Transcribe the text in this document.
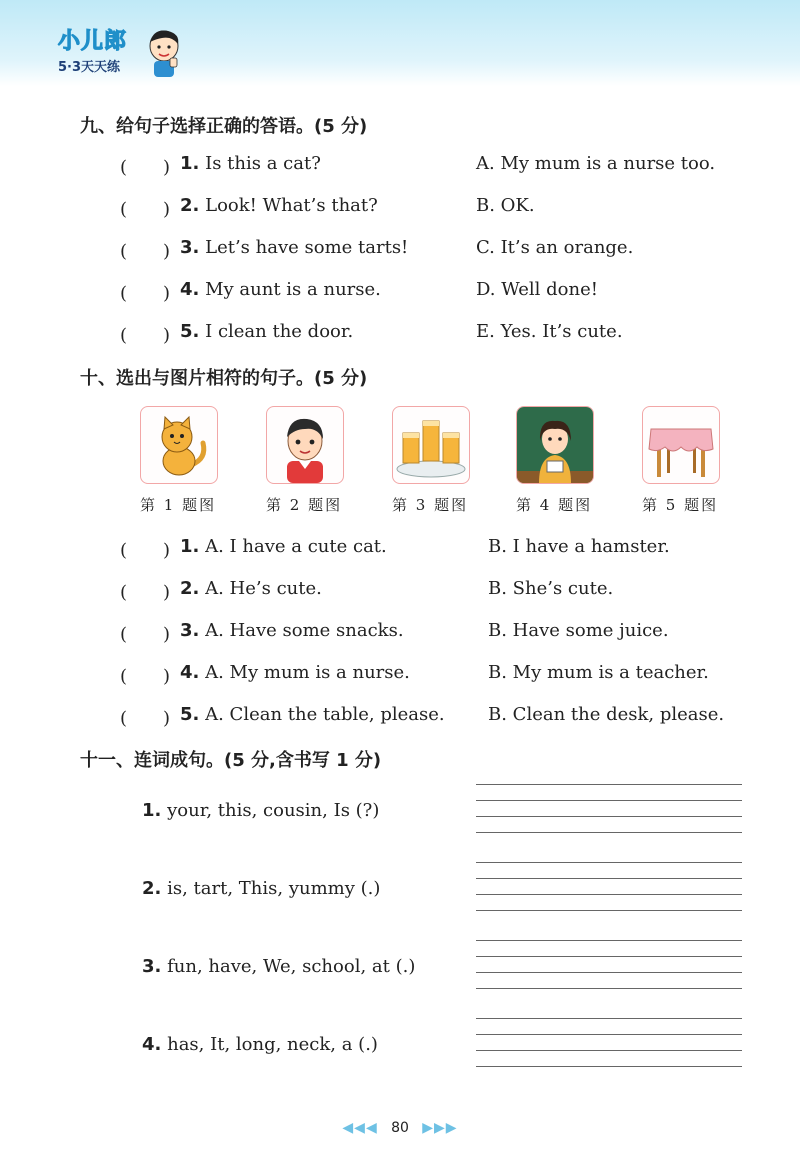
小儿郎
5·3天天练
九、给句子选择正确的答语。(5 分)
(　　) 1. Is this a cat?	A. My mum is a nurse too.
(　　) 2. Look! What’s that?	B. OK.
(　　) 3. Let’s have some tarts!	C. It’s an orange.
(　　) 4. My aunt is a nurse.	D. Well done!
(　　) 5. I clean the door.	E. Yes. It’s cute.
十、选出与图片相符的句子。(5 分)
第 1 题图	第 2 题图	第 3 题图	第 4 题图	第 5 题图
(　　) 1. A. I have a cute cat.	B. I have a hamster.
(　　) 2. A. He’s cute.	B. She’s cute.
(　　) 3. A. Have some snacks.	B. Have some juice.
(　　) 4. A. My mum is a nurse.	B. My mum is a teacher.
(　　) 5. A. Clean the table, please. B. Clean the desk, please.
十一、连词成句。(5 分,含书写 1 分)
1. your, this, cousin, Is (?)
2. is, tart, This, yummy (.)
3. fun, have, We, school, at (.)
4. has, It, long, neck, a (.)
◀◀◀ 80 ▶▶▶
